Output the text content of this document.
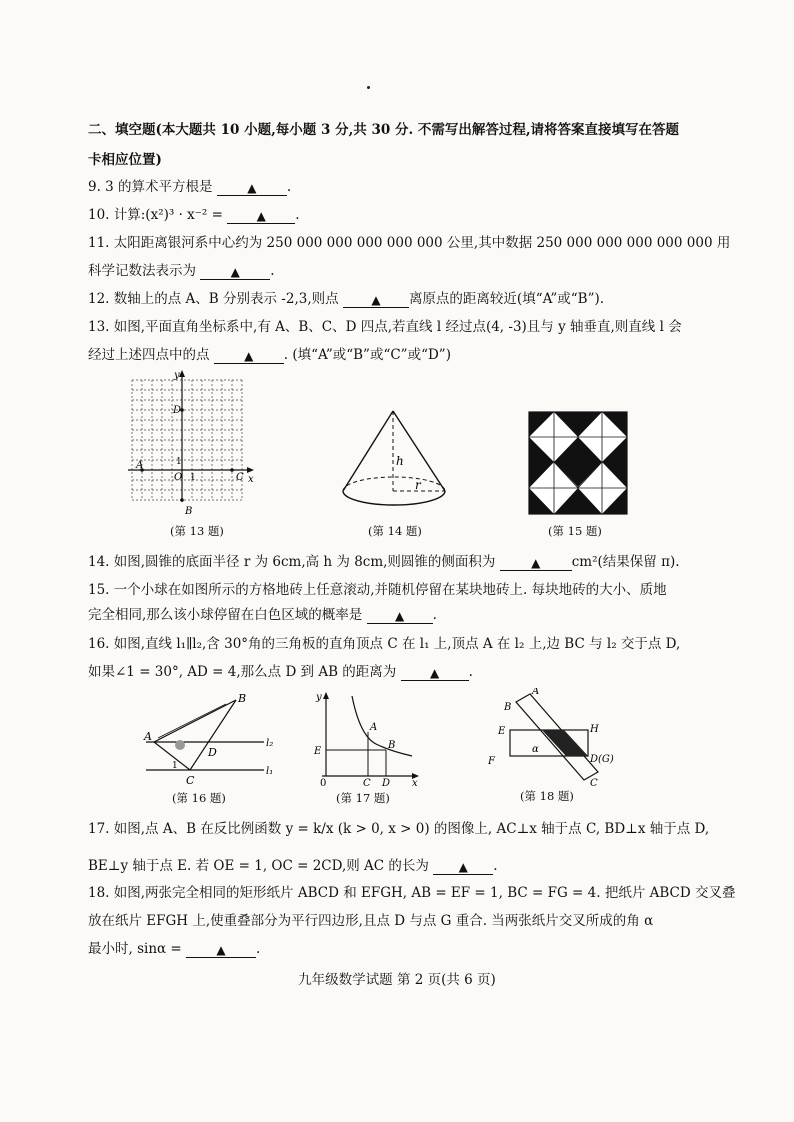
二、填空题(本大题共 10 小题,每小题 3 分,共 30 分. 不需写出解答过程,请将答案直接填写在答题
卡相应位置)
9. 3 的算术平方根是	▲ .
10. 计算:(x²)³ · x⁻² =	▲ .
11. 太阳距离银河系中心约为 250 000 000 000 000 000 公里,其中数据 250 000 000 000 000 000 用
科学记数法表示为	▲ .
12. 数轴上的点 A、B 分别表示 -2,3,则点	▲ 离原点的距离较近(填“A”或“B”).
13. 如图,平面直角坐标系中,有 A、B、C、D 四点,若直线 l 经过点(4, -3)且与 y 轴垂直,则直线 l 会
经过上述四点中的点	▲ . (填“A”或“B”或“C”或“D”)
y
x
D
A
O 1
1
C
B
(第 13 题)
h
r
(第 14 题)	(第 15 题)
14. 如图,圆锥的底面半径 r 为 6cm,高 h 为 8cm,则圆锥的侧面积为	▲ cm²(结果保留 π).
15. 一个小球在如图所示的方格地砖上任意滚动,并随机停留在某块地砖上. 每块地砖的大小、质地
完全相同,那么该小球停留在白色区域的概率是	▲ .
16. 如图,直线 l₁∥l₂,含 30°角的三角板的直角顶点 C 在 l₁ 上,顶点 A 在 l₂ 上,边 BC 与 l₂ 交于点 D,
如果∠1 = 30°, AD = 4,那么点 D 到 AB 的距离为	▲ .
A
B
C
D
l₂
l₁
1
(第 16 题)
y
x
0
A
B
C D
E
(第 17 题)
A
B
C
E
F
H
D(G)
α
(第 18 题)
17. 如图,点 A、B 在反比例函数 y = k/x (k > 0, x > 0) 的图像上, AC⊥x 轴于点 C, BD⊥x 轴于点 D,
BE⊥y 轴于点 E. 若 OE = 1, OC = 2CD,则 AC 的长为 ▲ .
18. 如图,两张完全相同的矩形纸片 ABCD 和 EFGH, AB = EF = 1, BC = FG = 4. 把纸片 ABCD 交叉叠
放在纸片 EFGH 上,使重叠部分为平行四边形,且点 D 与点 G 重合. 当两张纸片交叉所成的角 α
最小时, sinα =	▲ .
九年级数学试题 第 2 页(共 6 页)
